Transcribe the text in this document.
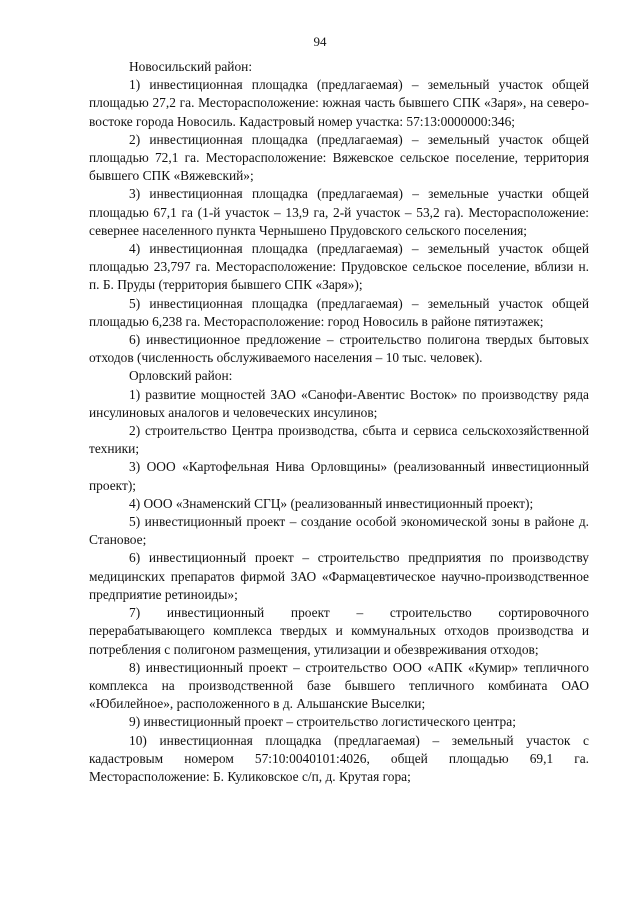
94

Новосильский район:

1) инвестиционная площадка (предлагаемая) – земельный участок общей площадью 27,2 га. Месторасположение: южная часть бывшего СПК «Заря», на северо-востоке города Новосиль. Кадастровый номер участка: 57:13:0000000:346;

2) инвестиционная площадка (предлагаемая) – земельный участок общей площадью 72,1 га. Месторасположение: Вяжевское сельское поселение, территория бывшего СПК «Вяжевский»;

3) инвестиционная площадка (предлагаемая) – земельные участки общей площадью 67,1 га (1-й участок – 13,9 га, 2-й участок – 53,2 га). Месторасположение: севернее населенного пункта Чернышено Прудовского сельского поселения;

4) инвестиционная площадка (предлагаемая) – земельный участок общей площадью 23,797 га. Месторасположение: Прудовское сельское поселение, вблизи н. п. Б. Пруды (территория бывшего СПК «Заря»);

5) инвестиционная площадка (предлагаемая) – земельный участок общей площадью 6,238 га. Месторасположение: город Новосиль в районе пятиэтажек;

6) инвестиционное предложение – строительство полигона твердых бытовых отходов (численность обслуживаемого населения – 10 тыс. человек).

Орловский район:

1) развитие мощностей ЗАО «Санофи-Авентис Восток» по производству ряда инсулиновых аналогов и человеческих инсулинов;

2) строительство Центра производства, сбыта и сервиса сельскохозяйственной техники;

3) ООО «Картофельная Нива Орловщины» (реализованный инвестиционный проект);

4) ООО «Знаменский СГЦ» (реализованный инвестиционный проект);

5) инвестиционный проект – создание особой экономической зоны в районе д. Становое;

6) инвестиционный проект – строительство предприятия по производству медицинских препаратов фирмой ЗАО «Фармацевтическое научно-производственное предприятие ретиноиды»;

7) инвестиционный проект – строительство сортировочного перерабатывающего комплекса твердых и коммунальных отходов производства и потребления с полигоном размещения, утилизации и обезвреживания отходов;

8) инвестиционный проект – строительство ООО «АПК «Кумир» тепличного комплекса на производственной базе бывшего тепличного комбината ОАО «Юбилейное», расположенного в д. Альшанские Выселки;

9) инвестиционный проект – строительство логистического центра;

10) инвестиционная площадка (предлагаемая) – земельный участок с кадастровым номером 57:10:0040101:4026, общей площадью 69,1 га. Месторасположение: Б. Куликовское с/п, д. Крутая гора;
